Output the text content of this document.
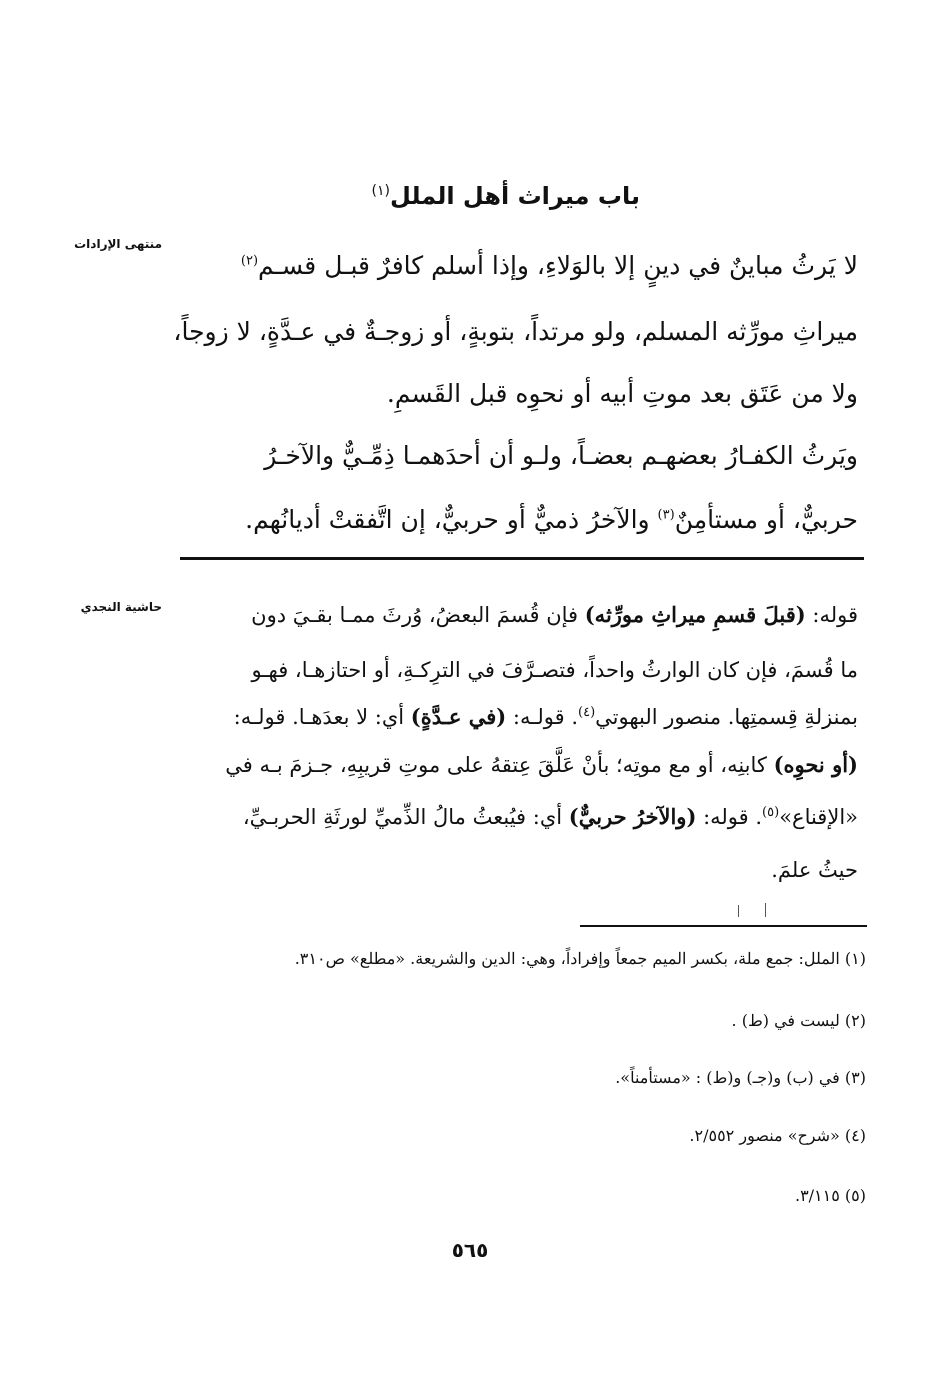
باب ميراث أهل الملل$^{(١)}$
منتهى الإرادات
لا يَرثُ مباينٌ في دينٍ إلا بالوَلاءِ، وإذا أسلم كافرٌ قبـل قسـم$^{(٢)}$
ميراثِ مورِّثه المسلم، ولو مرتداً، بتوبةٍ، أو زوجـةٌ في عـدَّةٍ، لا زوجاً،
ولا من عَتَق بعد موتِ أبيه أو نحوِه قبل القَسمِ.
ويَرثُ الكفـارُ بعضهـم بعضـاً، ولـو أن أحدَهمـا ذِمِّـيٌّ والآخـرُ
حربيٌّ، أو مستأمِنٌ$^{(٣)}$ والآخرُ ذميٌّ أو حربيٌّ، إن اتَّفقتْ أديانُهم.
حاشية النجدي	قوله: (قبلَ قسمِ ميراثِ مورِّثه) فإن قُسمَ البعضُ، وُرثَ ممـا بقـيَ دون
ما قُسمَ، فإن كان الوارثُ واحداً، فتصـرَّفَ في الترِكـةِ، أو احتازهـا، فهـو
بمنزلةِ قِسمتِها. منصور البهوتي$^{(٤)}$. قولـه: (في عـدَّةٍ) أي: لا بعدَهـا. قولـه:
(أو نحوِه) كابنِه، أو مع موتِه؛ بأنْ عَلَّقَ عِتقهُ على موتِ قريبِهِ، جـزمَ بـه في
«الإقناع»$^{(٥)}$. قوله: (والآخرُ حربيٌّ) أي: فيُبعثُ مالُ الذِّميِّ لورثَةِ الحربـيِّ،
حيثُ علمَ.
(١) الملل: جمع ملة، بكسر الميم جمعاً وإفراداً، وهي: الدين والشريعة. «مطلع» ص٣١٠.
(٢) ليست في (ط) .
(٣) في (ب) و(جـ) و(ط) : «مستأمناً».
(٤) «شرح» منصور ٢/٥٥٢.
(٥) ٣/١١٥.
٥٦٥
